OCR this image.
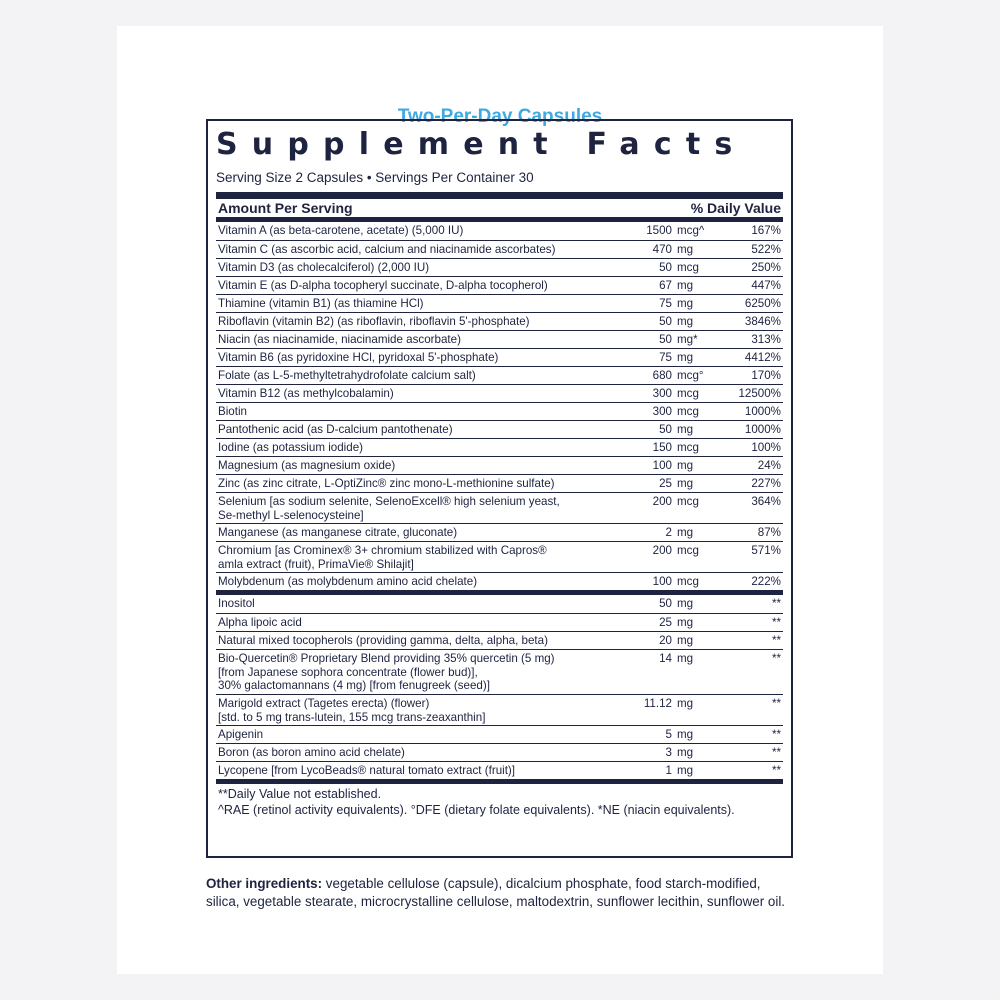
Two-Per-Day Capsules
Supplement Facts
Serving Size 2 Capsules • Servings Per Container 30
Amount Per Serving	% Daily Value
Vitamin A (as beta-carotene, acetate) (5,000 IU)	1500 mcg^	167%
Vitamin C (as ascorbic acid, calcium and niacinamide ascorbates)	470 mg	522%
Vitamin D3 (as cholecalciferol) (2,000 IU)	50 mcg	250%
Vitamin E (as D-alpha tocopheryl succinate, D-alpha tocopherol)	67 mg	447%
Thiamine (vitamin B1) (as thiamine HCl)	75 mg	6250%
Riboflavin (vitamin B2) (as riboflavin, riboflavin 5'-phosphate)	50 mg	3846%
Niacin (as niacinamide, niacinamide ascorbate)	50 mg*	313%
Vitamin B6 (as pyridoxine HCl, pyridoxal 5'-phosphate)	75 mg	4412%
Folate (as L-5-methyltetrahydrofolate calcium salt)	680 mcg°	170%
Vitamin B12 (as methylcobalamin)	300 mcg	12500%
Biotin	300 mcg	1000%
Pantothenic acid (as D-calcium pantothenate)	50 mg	1000%
Iodine (as potassium iodide)	150 mcg	100%
Magnesium (as magnesium oxide)	100 mg	24%
Zinc (as zinc citrate, L-OptiZinc® zinc mono-L-methionine sulfate)	25 mg	227%
Selenium [as sodium selenite, SelenoExcell® high selenium yeast,
Se-methyl L-selenocysteine]
200 mcg	364%
Manganese (as manganese citrate, gluconate)	2 mg	87%
Chromium [as Crominex® 3+ chromium stabilized with Capros®
amla extract (fruit), PrimaVie® Shilajit]
200 mcg	571%
Molybdenum (as molybdenum amino acid chelate)	100 mcg	222%
Inositol	50 mg	**
Alpha lipoic acid	25 mg	**
Natural mixed tocopherols (providing gamma, delta, alpha, beta)	20 mg	**
Bio-Quercetin® Proprietary Blend providing 35% quercetin (5 mg)
[from Japanese sophora concentrate (flower bud)],
30% galactomannans (4 mg) [from fenugreek (seed)]
14 mg	**
Marigold extract (Tagetes erecta) (flower)
[std. to 5 mg trans-lutein, 155 mcg trans-zeaxanthin]
11.12 mg	**
Apigenin	5 mg	**
Boron (as boron amino acid chelate)	3 mg	**
Lycopene [from LycoBeads® natural tomato extract (fruit)]	1 mg	**
**Daily Value not established.
^RAE (retinol activity equivalents). °DFE (dietary folate equivalents). *NE (niacin equivalents).
Other ingredients: vegetable cellulose (capsule), dicalcium phosphate, food starch-modified, silica, vegetable stearate, microcrystalline cellulose, maltodextrin, sunflower lecithin, sunflower oil.
